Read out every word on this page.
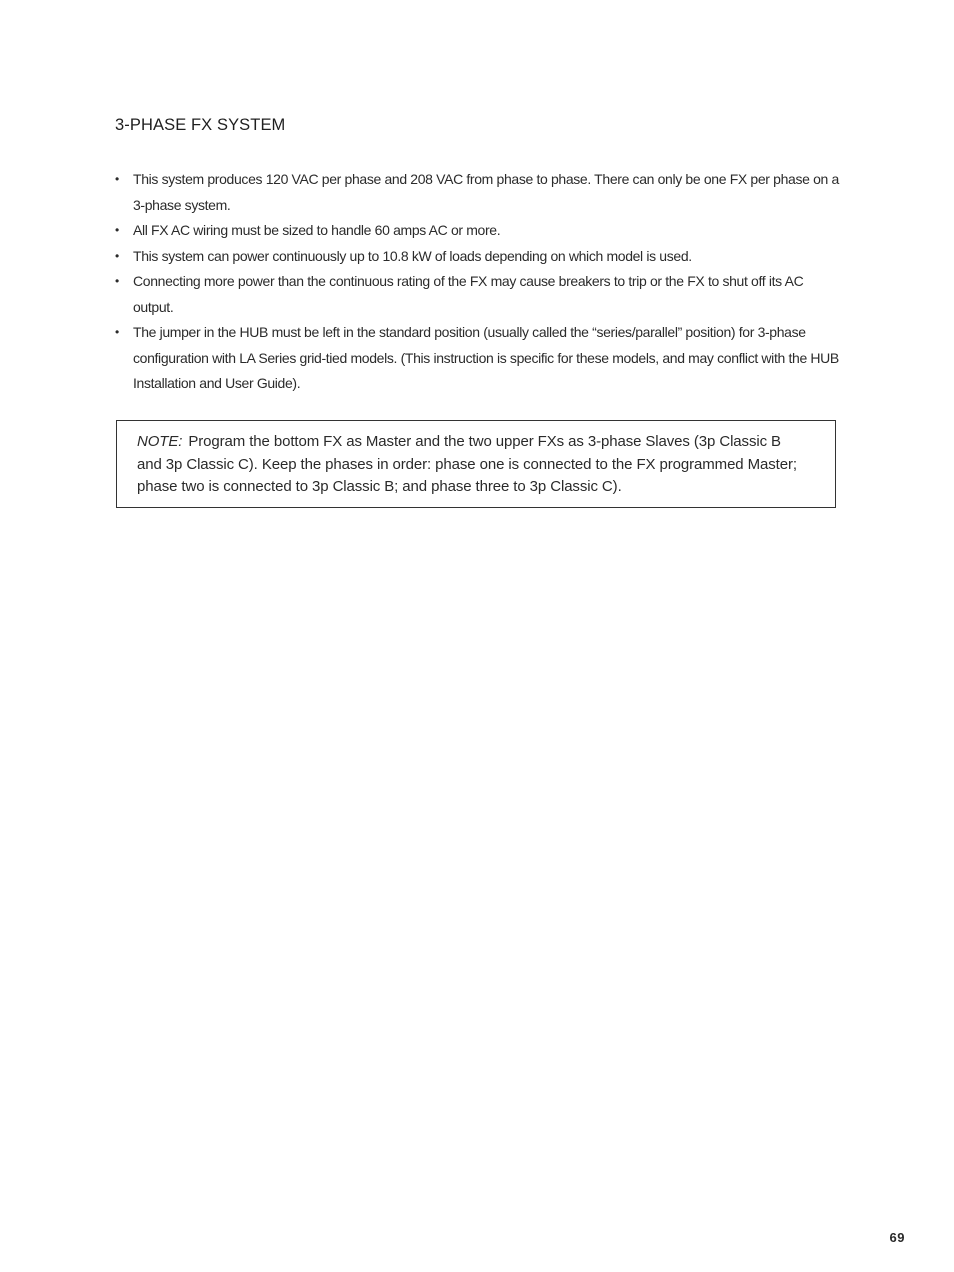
3-PHASE FX SYSTEM
• This system produces 120 VAC per phase and 208 VAC from phase to phase. There can only be one FX per phase on a 3-phase system.
• All FX AC wiring must be sized to handle 60 amps AC or more.
• This system can power continuously up to 10.8 kW of loads depending on which model is used.
• Connecting more power than the continuous rating of the FX may cause breakers to trip or the FX to shut off its AC output.
• The jumper in the HUB must be left in the standard position (usually called the “series/parallel” position) for 3-phase configuration with LA Series grid-tied models. (This instruction is specific for these models, and may conflict with the HUB Installation and User Guide).
NOTE: Program the bottom FX as Master and the two upper FXs as 3-phase Slaves (3p Classic B and 3p Classic C). Keep the phases in order: phase one is connected to the FX programmed Master; phase two is connected to 3p Classic B; and phase three to 3p Classic C).
69
